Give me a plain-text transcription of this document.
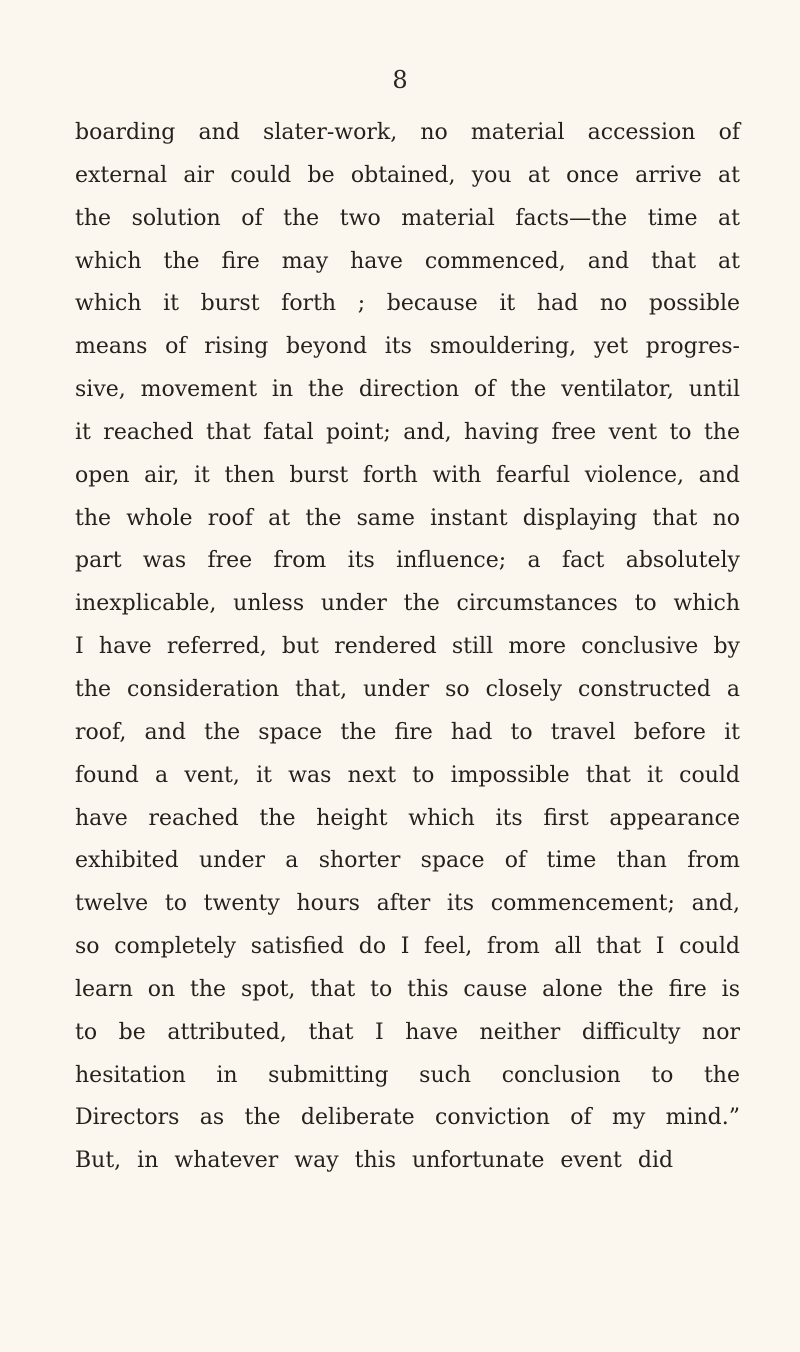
8
boarding and slater-work, no material accession of
external air could be obtained, you at once arrive at
the solution of the two material facts—the time at
which the fire may have commenced, and that at
which it burst forth ; because it had no possible
means of rising beyond its smouldering, yet progres-
sive, movement in the direction of the ventilator, until
it reached that fatal point; and, having free vent to the
open air, it then burst forth with fearful violence, and
the whole roof at the same instant displaying that no
part was free from its influence; a fact absolutely
inexplicable, unless under the circumstances to which
I have referred, but rendered still more conclusive by
the consideration that, under so closely constructed a
roof, and the space the fire had to travel before it
found a vent, it was next to impossible that it could
have reached the height which its first appearance
exhibited under a shorter space of time than from
twelve to twenty hours after its commencement; and,
so completely satisfied do I feel, from all that I could
learn on the spot, that to this cause alone the fire is
to be attributed, that I have neither difficulty nor
hesitation in submitting such conclusion to the
Directors as the deliberate conviction of my mind.”
But, in whatever way this unfortunate event did
